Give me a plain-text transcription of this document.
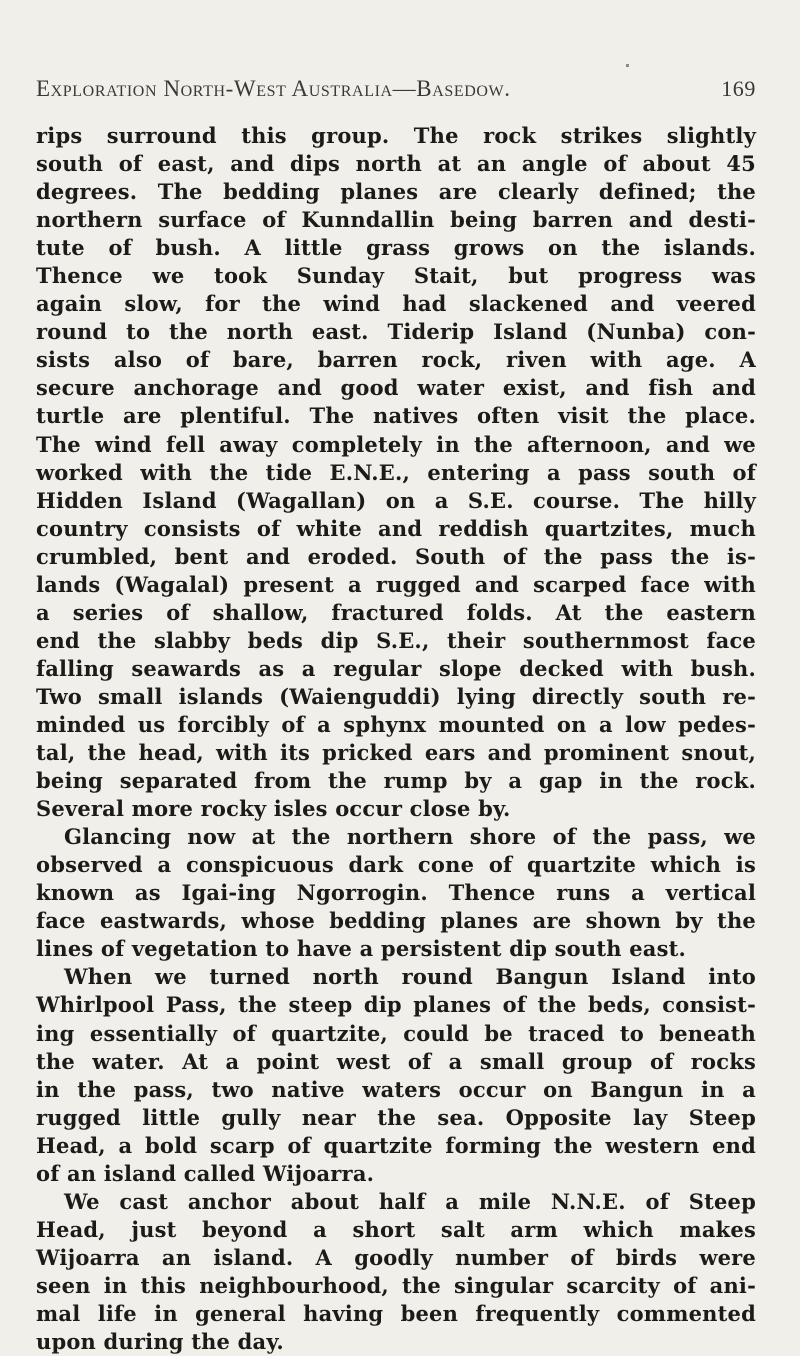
Exploration North-West Australia—Basedow.	169
rips surround this group. The rock strikes slightly
south of east, and dips north at an angle of about 45
degrees. The bedding planes are clearly defined; the
northern surface of Kunndallin being barren and desti-
tute of bush. A little grass grows on the islands.
Thence we took Sunday Stait, but progress was
again slow, for the wind had slackened and veered
round to the north east. Tiderip Island (Nunba) con-
sists also of bare, barren rock, riven with age. A
secure anchorage and good water exist, and fish and
turtle are plentiful. The natives often visit the place.
The wind fell away completely in the afternoon, and we
worked with the tide E.N.E., entering a pass south of
Hidden Island (Wagallan) on a S.E. course. The hilly
country consists of white and reddish quartzites, much
crumbled, bent and eroded. South of the pass the is-
lands (Wagalal) present a rugged and scarped face with
a series of shallow, fractured folds. At the eastern
end the slabby beds dip S.E., their southernmost face
falling seawards as a regular slope decked with bush.
Two small islands (Waienguddi) lying directly south re-
minded us forcibly of a sphynx mounted on a low pedes-
tal, the head, with its pricked ears and prominent snout,
being separated from the rump by a gap in the rock.
Several more rocky isles occur close by.
Glancing now at the northern shore of the pass, we
observed a conspicuous dark cone of quartzite which is
known as Igai-ing Ngorrogin. Thence runs a vertical
face eastwards, whose bedding planes are shown by the
lines of vegetation to have a persistent dip south east.
When we turned north round Bangun Island into
Whirlpool Pass, the steep dip planes of the beds, consist-
ing essentially of quartzite, could be traced to beneath
the water. At a point west of a small group of rocks
in the pass, two native waters occur on Bangun in a
rugged little gully near the sea. Opposite lay Steep
Head, a bold scarp of quartzite forming the western end
of an island called Wijoarra.
We cast anchor about half a mile N.N.E. of Steep
Head, just beyond a short salt arm which makes
Wijoarra an island. A goodly number of birds were
seen in this neighbourhood, the singular scarcity of ani-
mal life in general having been frequently commented
upon during the day.
